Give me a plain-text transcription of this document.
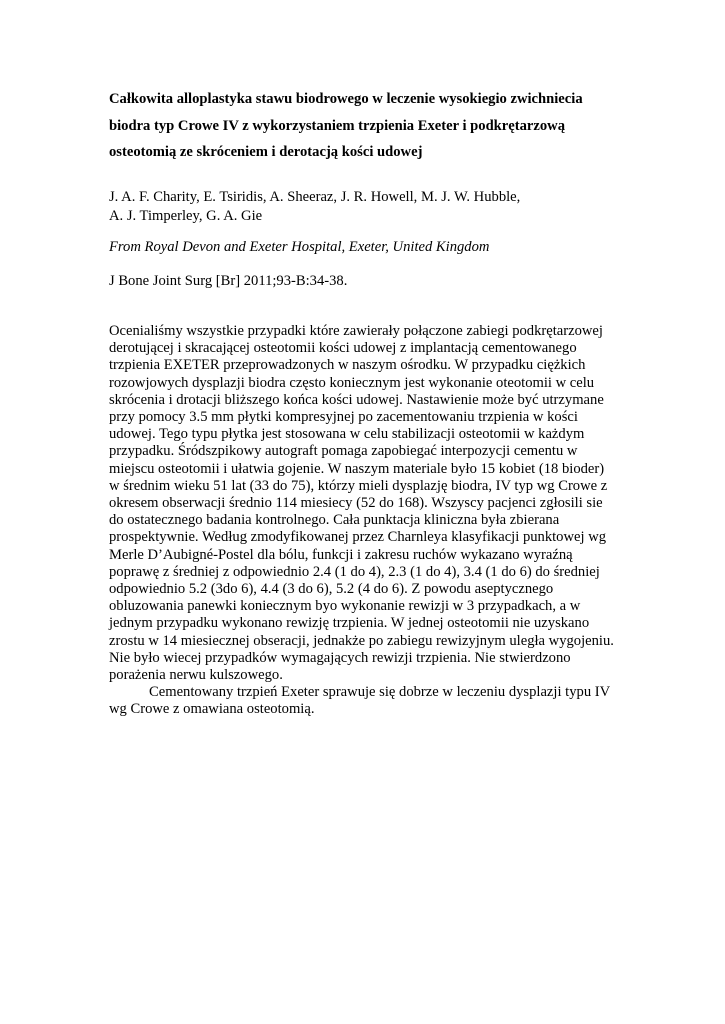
Całkowita alloplastyka stawu biodrowego w leczenie wysokiegio zwichniecia
biodra typ Crowe IV z wykorzystaniem trzpienia Exeter i podkrętarzową
osteotomią ze skróceniem i derotacją kości udowej

J. A. F. Charity, E. Tsiridis, A. Sheeraz, J. R. Howell, M. J. W. Hubble,
A. J. Timperley, G. A. Gie

From Royal Devon and Exeter Hospital, Exeter, United Kingdom

J Bone Joint Surg [Br] 2011;93-B:34-38.

Ocenialiśmy wszystkie przypadki które zawierały połączone zabiegi podkrętarzowej
derotującej i skracającej osteotomii kości udowej z implantacją cementowanego
trzpienia EXETER przeprowadzonych w naszym ośrodku. W przypadku ciężkich
rozowjowych dysplazji biodra często koniecznym jest wykonanie oteotomii w celu
skrócenia i drotacji bliższego końca kości udowej. Nastawienie może być utrzymane
przy pomocy 3.5 mm płytki kompresyjnej po zacementowaniu trzpienia w kości
udowej. Tego typu płytka jest stosowana w celu stabilizacji osteotomii w każdym
przypadku. Śródszpikowy autograft pomaga zapobiegać interpozycji cementu w
miejscu osteotomii i ułatwia gojenie. W naszym materiale było 15 kobiet (18 bioder)
w średnim wieku 51 lat (33 do 75), którzy mieli dysplazję biodra, IV typ wg Crowe z
okresem obserwacji średnio 114 miesiecy (52 do 168). Wszyscy pacjenci zgłosili sie
do ostatecznego badania kontrolnego. Cała punktacja kliniczna była zbierana
prospektywnie. Według zmodyfikowanej przez Charnleya klasyfikacji punktowej wg
Merle D’Aubigné-Postel dla bólu, funkcji i zakresu ruchów wykazano wyraźną
poprawę z średniej z odpowiednio 2.4 (1 do 4), 2.3 (1 do 4), 3.4 (1 do 6) do średniej
odpowiednio 5.2 (3do 6), 4.4 (3 do 6), 5.2 (4 do 6). Z powodu aseptycznego
obluzowania panewki koniecznym byo wykonanie rewizji w 3 przypadkach, a w
jednym przypadku wykonano rewizję trzpienia. W jednej osteotomii nie uzyskano
zrostu w 14 miesiecznej obseracji, jednakże po zabiegu rewizyjnym uległa wygojeniu.
Nie było wiecej przypadków wymagających rewizji trzpienia. Nie stwierdzono
porażenia nerwu kulszowego.
Cementowany trzpień Exeter sprawuje się dobrze w leczeniu dysplazji typu IV
wg Crowe z omawiana osteotomią.
